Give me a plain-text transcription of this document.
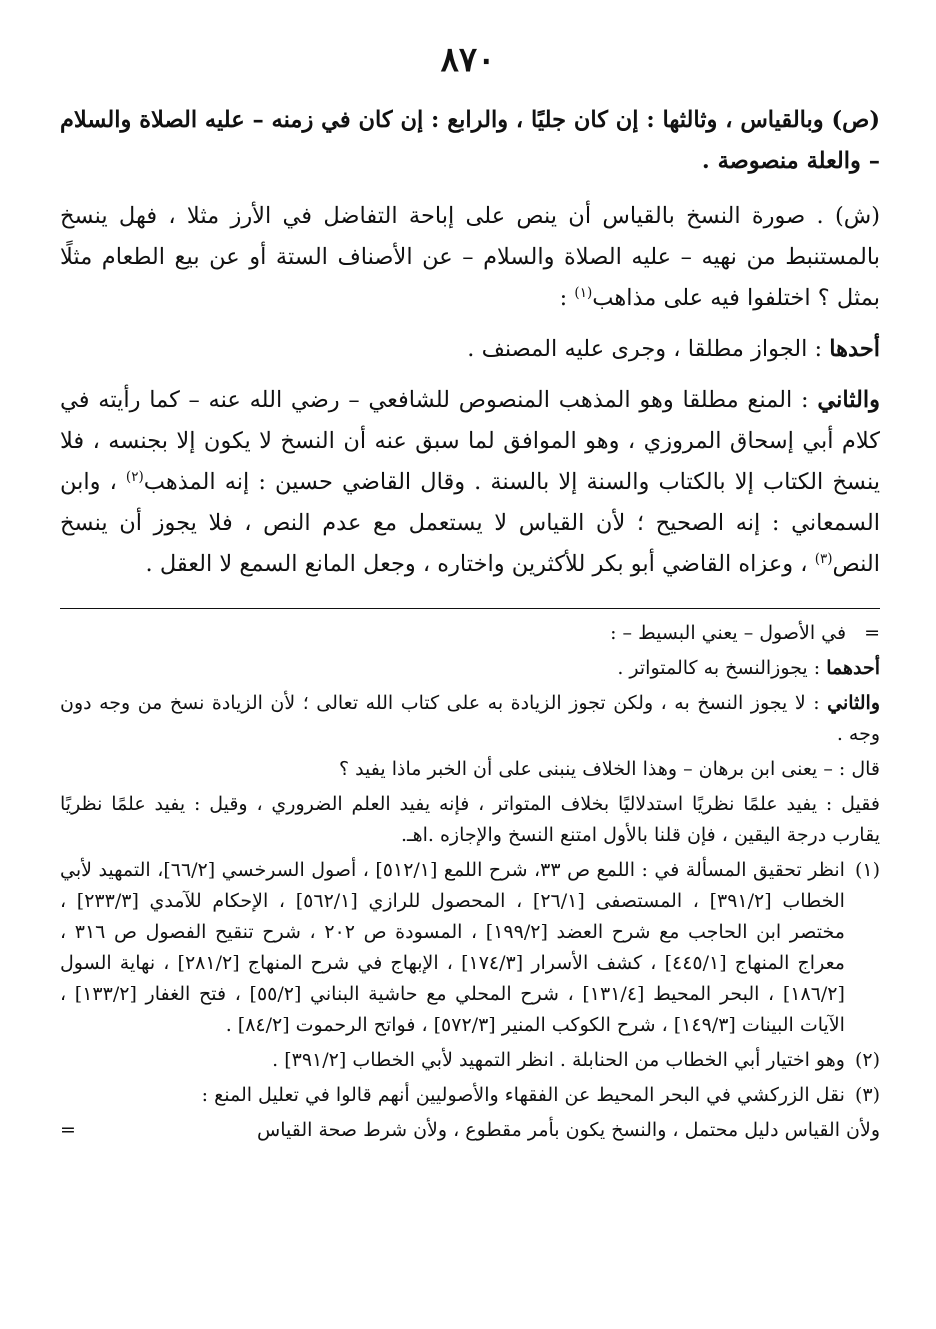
٨٧٠

(ص) وبالقياس ، وثالثها : إن كان جليًا ، والرابع : إن كان في زمنه – عليه الصلاة والسلام – والعلة منصوصة .

(ش) . صورة النسخ بالقياس أن ينص على إباحة التفاضل في الأرز مثلا ، فهل ينسخ بالمستنبط من نهيه – عليه الصلاة والسلام – عن الأصناف الستة أو عن بيع الطعام مثلًا بمثل ؟ اختلفوا فيه على مذاهب$^{(١)}$ :

أحدها : الجواز مطلقا ، وجرى عليه المصنف .

والثاني : المنع مطلقا وهو المذهب المنصوص للشافعي – رضي الله عنه – كما رأيته في كلام أبي إسحاق المروزي ، وهو الموافق لما سبق عنه أن النسخ لا يكون إلا بجنسه ، فلا ينسخ الكتاب إلا بالكتاب والسنة إلا بالسنة . وقال القاضي حسين : إنه المذهب$^{(٢)}$ ، وابن السمعاني : إنه الصحيح ؛ لأن القياس لا يستعمل مع عدم النص ، فلا يجوز أن ينسخ النص$^{(٣)}$ ، وعزاه القاضي أبو بكر للأكثرين واختاره ، وجعل المانع السمع لا العقل .

=في الأصول – يعني البسيط – :

أحدهما : يجوزالنسخ به كالمتواتر .

والثاني : لا يجوز النسخ به ، ولكن تجوز الزيادة به على كتاب الله تعالى ؛ لأن الزيادة نسخ من وجه دون وجه .

قال : – يعنى ابن برهان – وهذا الخلاف ينبنى على أن الخبر ماذا يفيد ؟

فقيل : يفيد علمًا نظريًا استدلاليًا بخلاف المتواتر ، فإنه يفيد العلم الضروري ، وقيل : يفيد علمًا نظريًا يقارب درجة اليقين ، فإن قلنا بالأول امتنع النسخ والإجازه .اهـ.

(١)
انظر تحقيق المسألة في : اللمع ص ٣٣، شرح اللمع [٥١٢/١] ، أصول السرخسي [٦٦/٢]، التمهيد لأبي الخطاب [٣٩١/٢] ، المستصفى [٢٦/١] ، المحصول للرازي [٥٦٢/١] ، الإحكام للآمدي [٢٣٣/٣] ، مختصر ابن الحاجب مع شرح العضد [١٩٩/٢] ، المسودة ص ٢٠٢ ، شرح تنقيح الفصول ص ٣١٦ ، معراج المنهاج [٤٤٥/١] ، كشف الأسرار [١٧٤/٣] ، الإبهاج في شرح المنهاج [٢٨١/٢] ، نهاية السول [١٨٦/٢] ، البحر المحيط [١٣١/٤] ، شرح المحلي مع حاشية البناني [٥٥/٢] ، فتح الغفار [١٣٣/٢] ، الآيات البينات [١٤٩/٣] ، شرح الكوكب المنير [٥٧٢/٣] ، فواتح الرحموت [٨٤/٢] .
(٢)
وهو اختيار أبي الخطاب من الحنابلة . انظر التمهيد لأبي الخطاب [٣٩١/٢] .
(٣)
نقل الزركشي في البحر المحيط عن الفقهاء والأصوليين أنهم قالوا في تعليل المنع :

ولأن القياس دليل محتمل ، والنسخ يكون بأمر مقطوع ، ولأن شرط صحة القياس
=
